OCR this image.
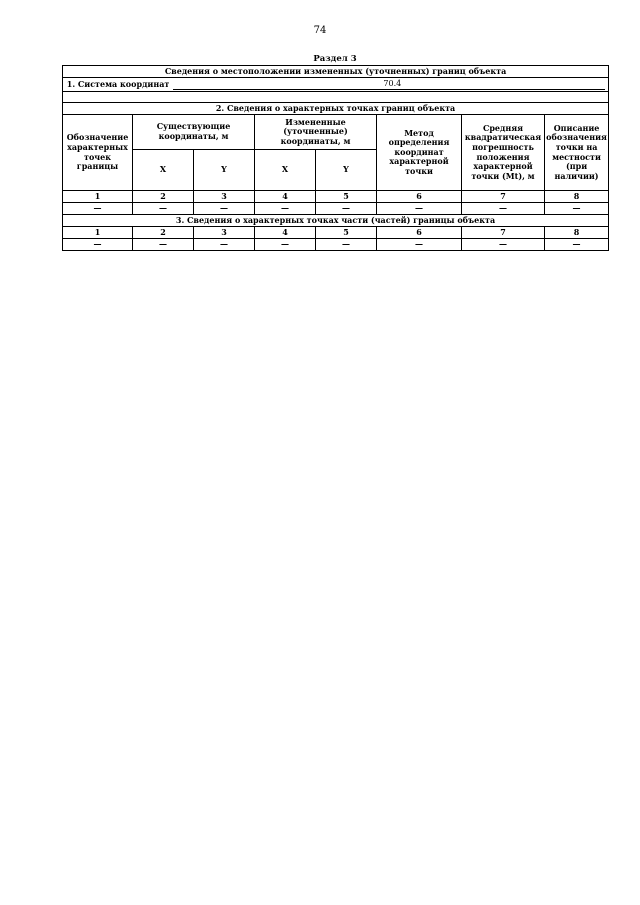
74
Раздел 3
Сведения о местоположении измененных (уточненных) границ объекта							
1. Система координат 70.4							

2. Сведения о характерных точках границ объекта							
Обозначение характерных точек границы	Существующие координаты, м		Измененные (уточненные) координаты, м		Метод определения координат характерной точки	Средняя квадратическая погрешность положения характерной точки (Mt), м	Описание обозначения точки на местности (при наличии)
	X	Y	X	Y			
1	2	3	4	5	6	7	8
—	—	—	—	—	—	—	—
3. Сведения о характерных точках части (частей) границы объекта							
1	2	3	4	5	6	7	8
—	—	—	—	—	—	—	—
